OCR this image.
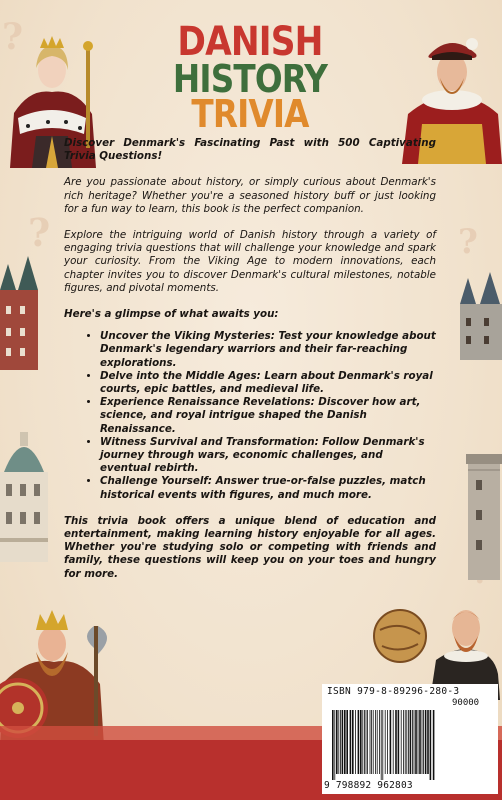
?
?	?
DANISH
HISTORY
TRIVIA

Discover Denmark's Fascinating Past with 500 Captivating Trivia Questions!

Are you passionate about history, or simply curious about Denmark's rich heritage? Whether you're a seasoned history buff or just looking for a fun way to learn, this book is the perfect companion.

Explore the intriguing world of Danish history through a variety of engaging trivia questions that will challenge your knowledge and spark your curiosity. From the Viking Age to modern innovations, each chapter invites you to discover Denmark's cultural milestones, notable figures, and pivotal moments.

Here's a glimpse of what awaits you:

• Uncover the Viking Mysteries: Test your knowledge about Denmark's legendary warriors and their far-reaching explorations.
• Delve into the Middle Ages: Learn about Denmark's royal courts, epic battles, and medieval life.
• Experience Renaissance Revelations: Discover how art, science, and royal intrigue shaped the Danish Renaissance.
• Witness Survival and Transformation: Follow Denmark's journey through wars, economic challenges, and eventual rebirth.
• Challenge Yourself: Answer true-or-false puzzles, match historical events with figures, and much more.

This trivia book offers a unique blend of education and entertainment, making learning history enjoyable for all ages. Whether you're studying solo or competing with friends and family, these questions will keep you on your toes and hungry for more.

ISBN 979-8-89296-280-3
90000
9 798892 962803
